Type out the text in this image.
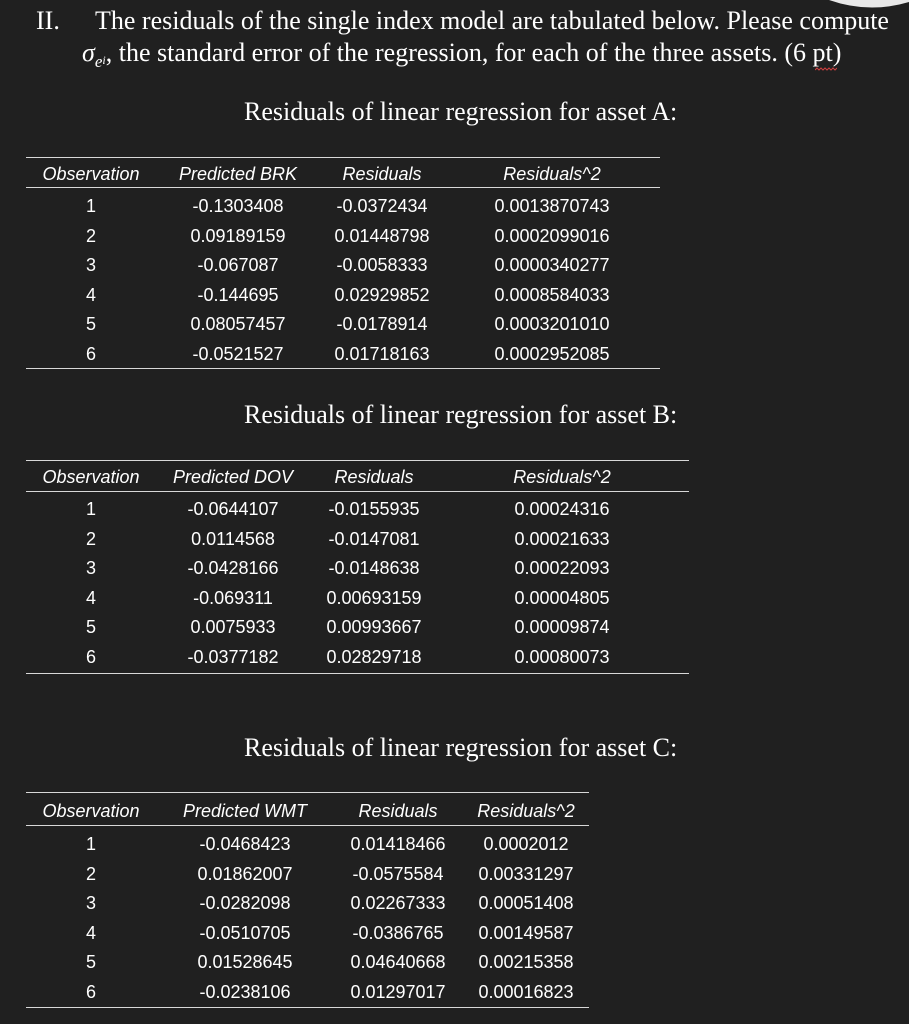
II. The residuals of the single index model are tabulated below. Please compute
$\sigma_ei$, the standard error of the regression, for each of the three assets. (6 pt
)
Residuals of linear regression for asset A:
Observation Predicted BRK	Residuals	Residuals^2
1	-0.1303408	-0.0372434	0.0013870743
2	0.09189159	0.01448798	0.0002099016
3	-0.067087	-0.0058333	0.0000340277
4	-0.144695	0.02929852	0.0008584033
5	0.08057457	-0.0178914	0.0003201010
6	-0.0521527	0.01718163	0.0002952085
Residuals of linear regression for asset B:
Observation Predicted DOV Residuals	Residuals^2
1	-0.0644107	-0.0155935	0.00024316
2	0.0114568	-0.0147081	0.00021633
3	-0.0428166	-0.0148638	0.00022093
4	-0.069311	0.00693159	0.00004805
5	0.0075933	0.00993667	0.00009874
6	-0.0377182	0.02829718	0.00080073
Residuals of linear regression for asset C:
Observation Predicted WMT	Residuals Residuals^2
1	-0.0468423	0.01418466 0.0002012
2	0.01862007	-0.0575584 0.00331297
3	-0.0282098	0.02267333 0.00051408
4	-0.0510705	-0.0386765 0.00149587
5	0.01528645	0.04640668 0.00215358
6	-0.0238106	0.01297017 0.00016823
